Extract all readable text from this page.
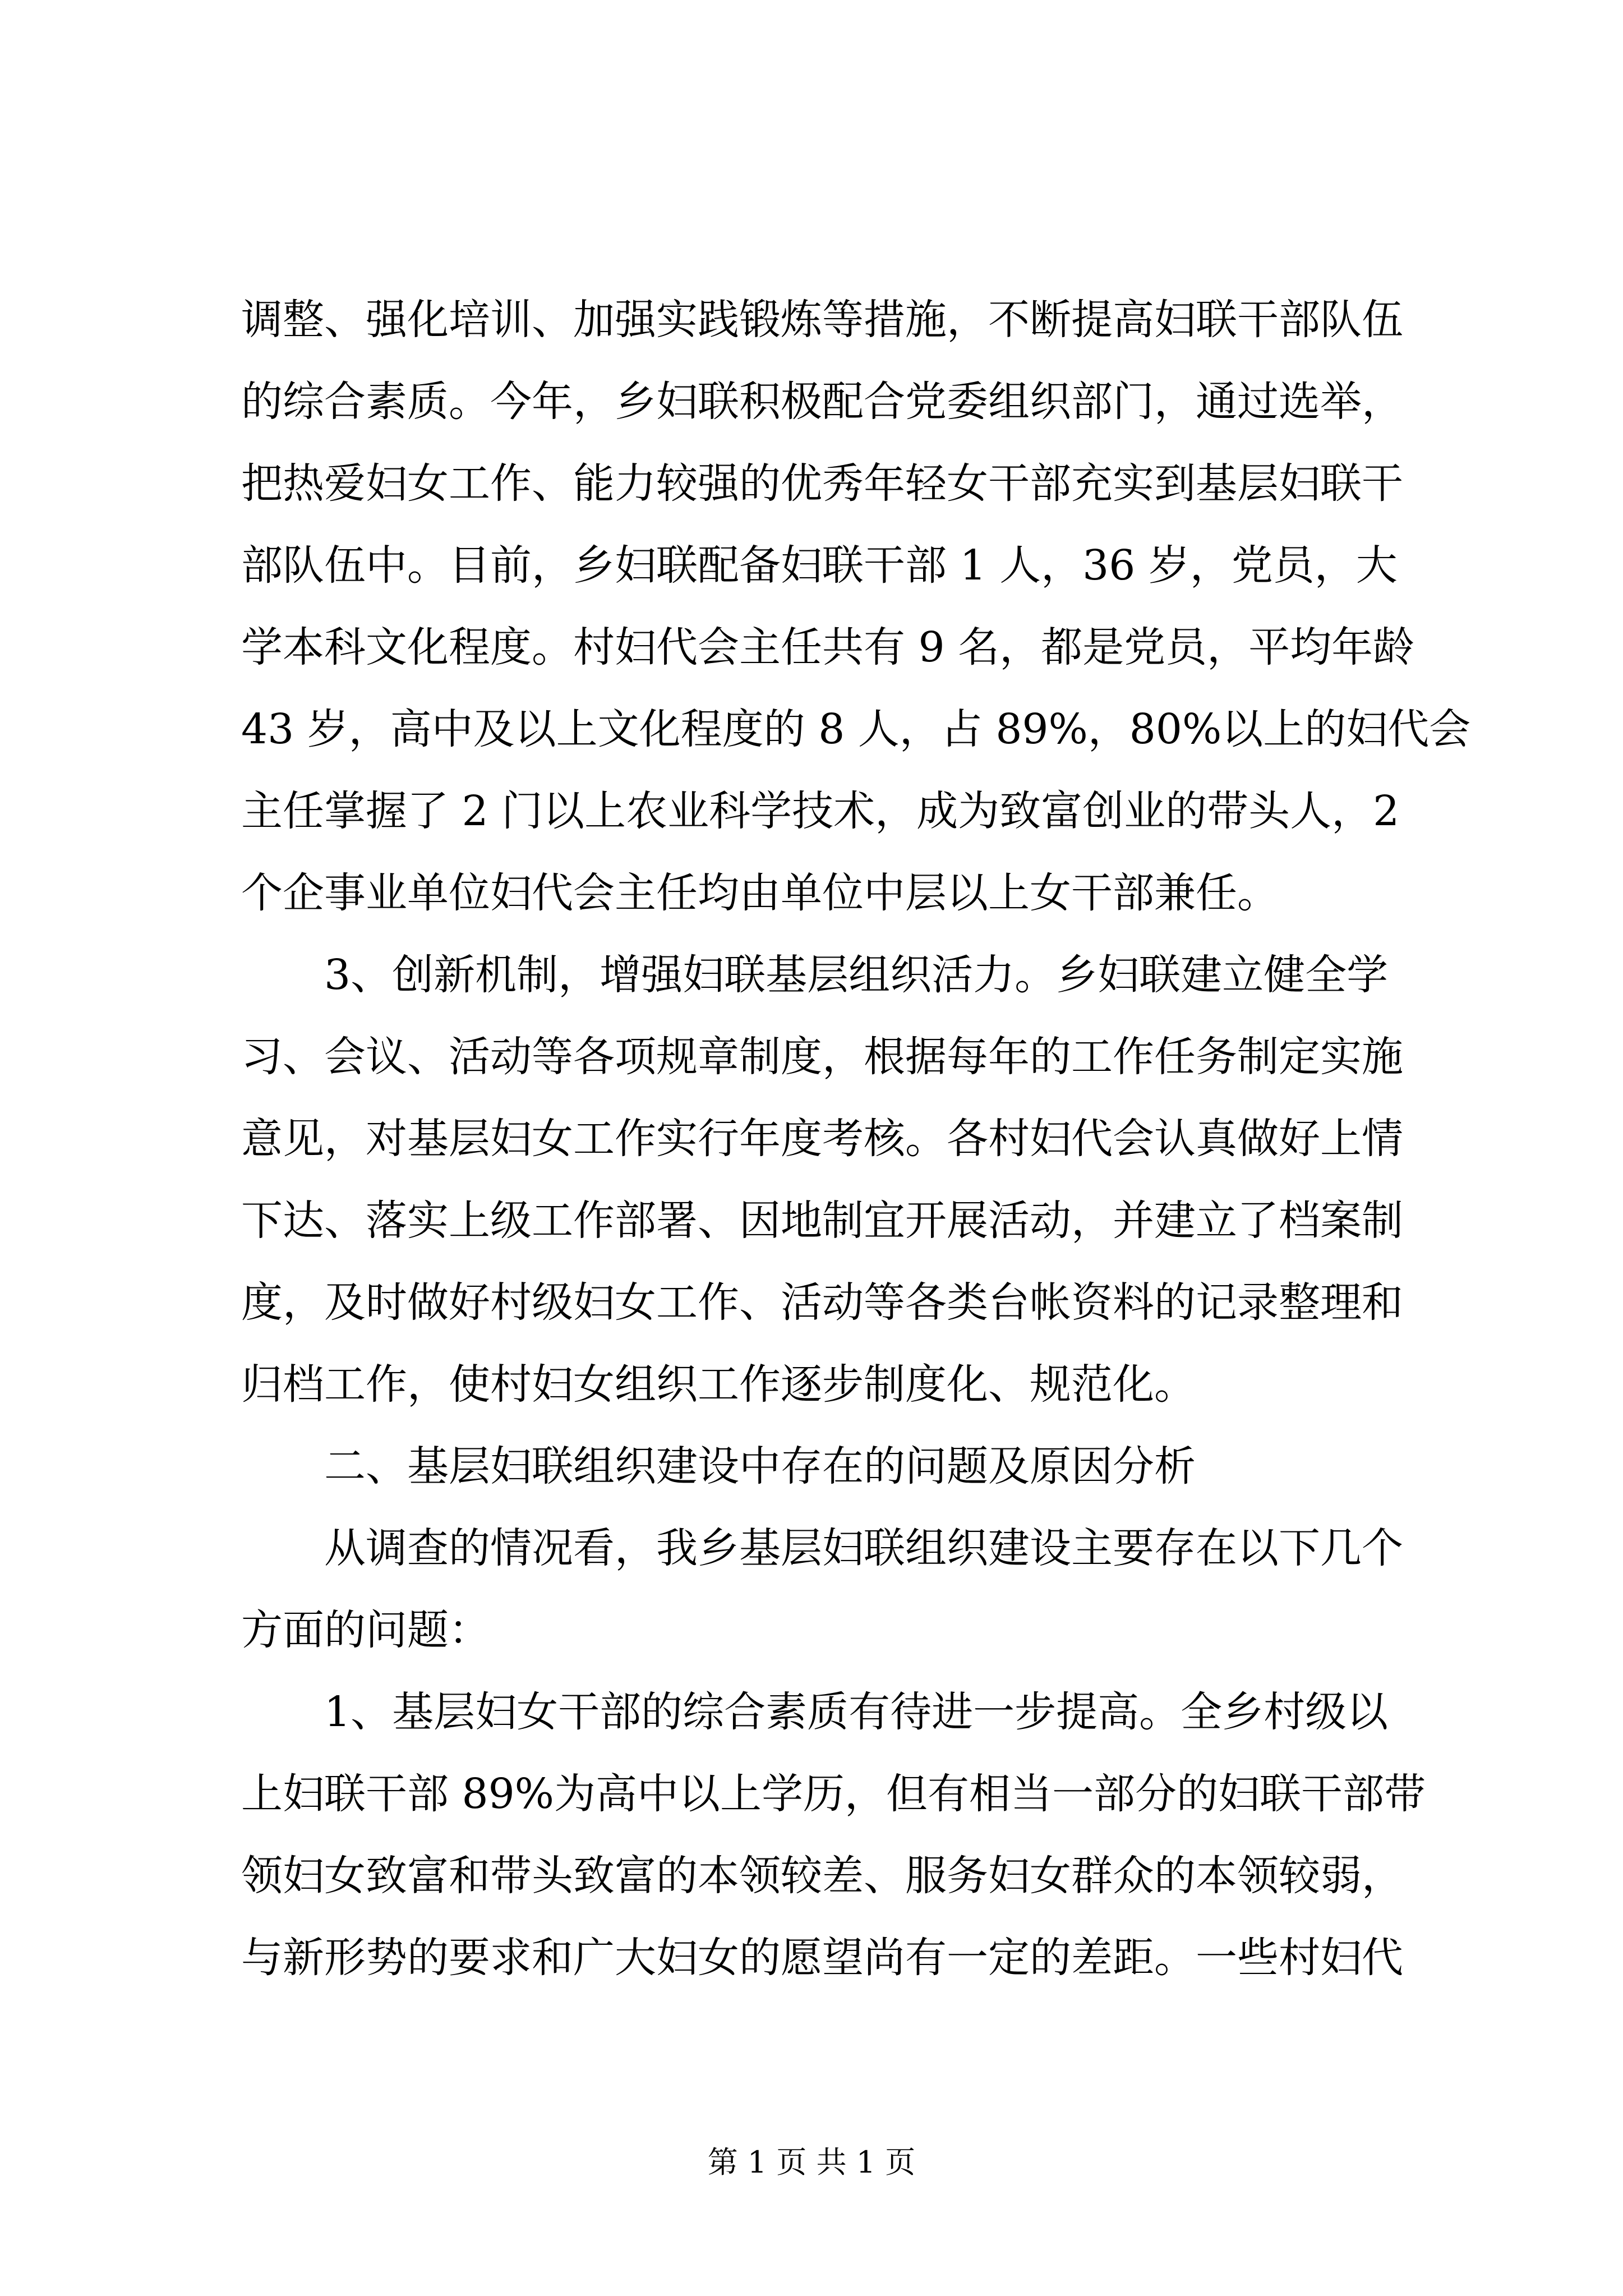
调整、强化培训、加强实践锻炼等措施，不断提高妇联干部队伍
的综合素质。今年，乡妇联积极配合党委组织部门，通过选举，
把热爱妇女工作、能力较强的优秀年轻女干部充实到基层妇联干
部队伍中。目前，乡妇联配备妇联干部 1 人，36 岁，党员，大
学本科文化程度。村妇代会主任共有 9 名，都是党员，平均年龄
43 岁，高中及以上文化程度的 8 人，占 89%，80%以上的妇代会
主任掌握了 2 门以上农业科学技术，成为致富创业的带头人，2
个企事业单位妇代会主任均由单位中层以上女干部兼任。
3、创新机制，增强妇联基层组织活力。乡妇联建立健全学
习、会议、活动等各项规章制度，根据每年的工作任务制定实施
意见，对基层妇女工作实行年度考核。各村妇代会认真做好上情
下达、落实上级工作部署、因地制宜开展活动，并建立了档案制
度，及时做好村级妇女工作、活动等各类台帐资料的记录整理和
归档工作，使村妇女组织工作逐步制度化、规范化。
二、基层妇联组织建设中存在的问题及原因分析
从调查的情况看，我乡基层妇联组织建设主要存在以下几个
方面的问题：
1、基层妇女干部的综合素质有待进一步提高。全乡村级以
上妇联干部 89%为高中以上学历，但有相当一部分的妇联干部带
领妇女致富和带头致富的本领较差、服务妇女群众的本领较弱，
与新形势的要求和广大妇女的愿望尚有一定的差距。一些村妇代
第 1 页 共 1 页
